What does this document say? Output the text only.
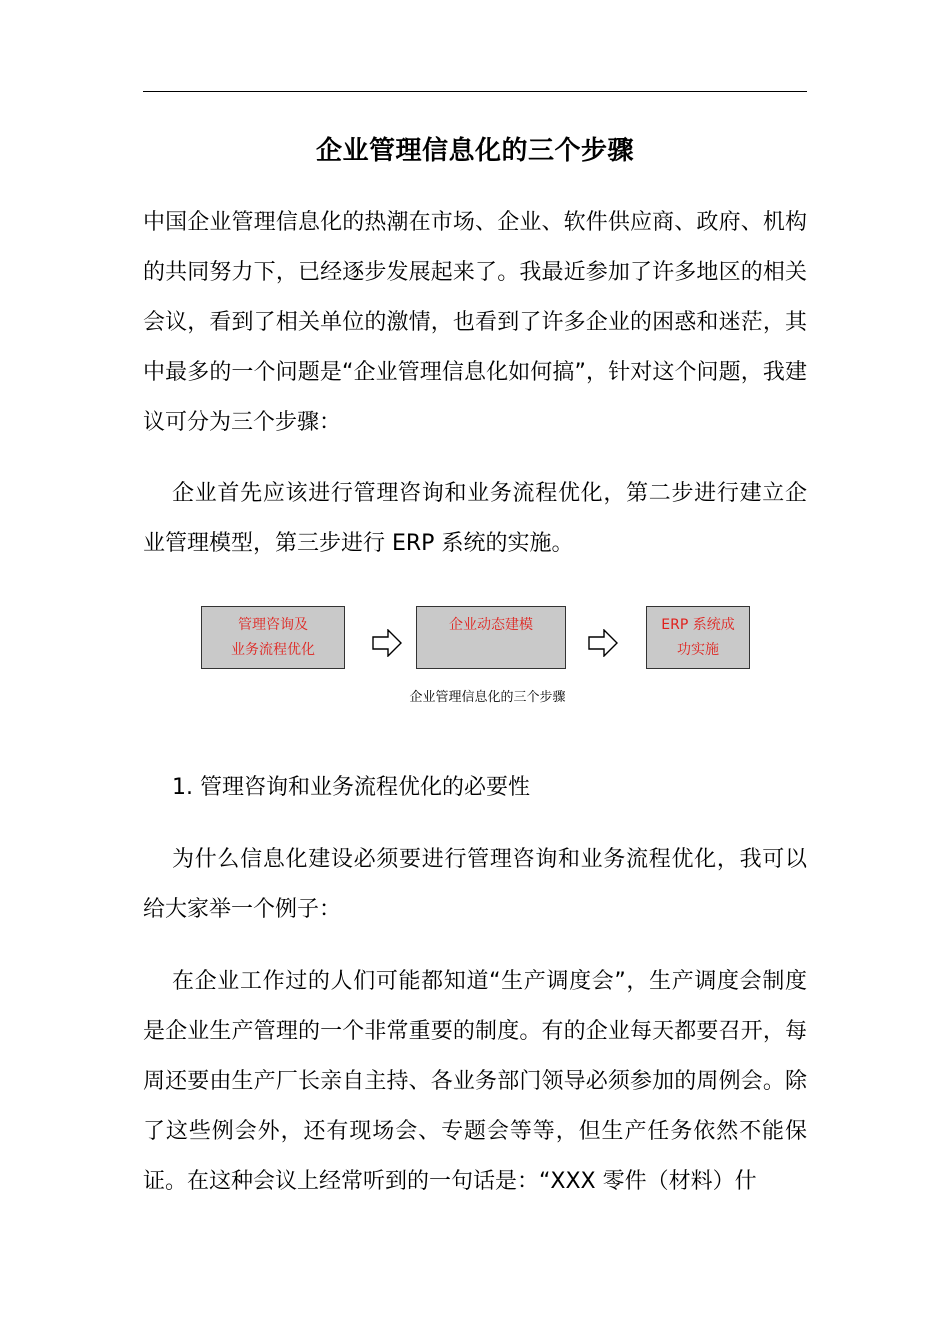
企业管理信息化的三个步骤

中国企业管理信息化的热潮在市场、企业、软件供应商、政府、机构的共同努力下，已经逐步发展起来了。我最近参加了许多地区的相关会议，看到了相关单位的激情，也看到了许多企业的困惑和迷茫，其中最多的一个问题是“企业管理信息化如何搞”，针对这个问题，我建议可分为三个步骤：

企业首先应该进行管理咨询和业务流程优化，第二步进行建立企业管理模型，第三步进行 ERP 系统的实施。

管理咨询及
业务流程优化
企业动态建模	ERP 系统成
功实施
企业管理信息化的三个步骤

1. 管理咨询和业务流程优化的必要性

为什么信息化建设必须要进行管理咨询和业务流程优化，我可以给大家举一个例子：

在企业工作过的人们可能都知道“生产调度会”，生产调度会制度是企业生产管理的一个非常重要的制度。有的企业每天都要召开，每周还要由生产厂长亲自主持、各业务部门领导必须参加的周例会。除了这些例会外，还有现场会、专题会等等，但生产任务依然不能保证。在这种会议上经常听到的一句话是：“XXX 零件（材料）什
